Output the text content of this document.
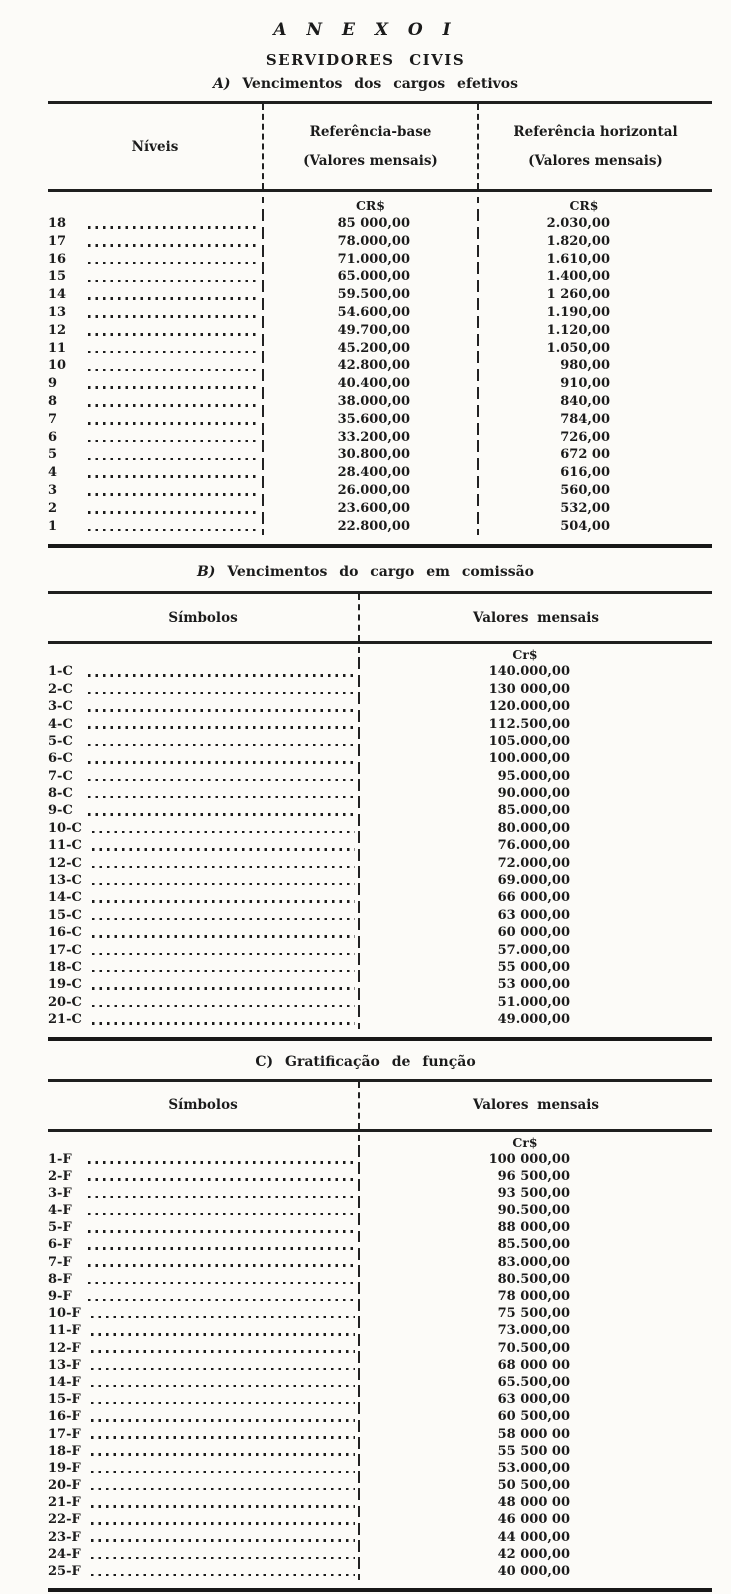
A N E X O I
SERVIDORES CIVIS
A) Vencimentos dos cargos efetivos
Níveis
Referência-base
(Valores mensais)
Referência horizontal
(Valores mensais)
CR$	CR$
18	85 000,00	2.030,00
17	78.000,00	1.820,00
16	71.000,00	1.610,00
15	65.000,00	1.400,00
14	59.500,00	1 260,00
13	54.600,00	1.190,00
12	49.700,00	1.120,00
11	45.200,00	1.050,00
10	42.800,00	980,00
9	40.400,00	910,00
8	38.000,00	840,00
7	35.600,00	784,00
6	33.200,00	726,00
5	30.800,00	672 00
4	28.400,00	616,00
3	26.000,00	560,00
2	23.600,00	532,00
1	22.800,00	504,00
B) Vencimentos do cargo em comissão
Símbolos	Valores mensais
Cr$
1-C	140.000,00
2-C	130 000,00
3-C	120.000,00
4-C	112.500,00
5-C	105.000,00
6-C	100.000,00
7-C	95.000,00
8-C	90.000,00
9-C	85.000,00
10-C	80.000,00
11-C	76.000,00
12-C	72.000,00
13-C	69.000,00
14-C	66 000,00
15-C	63 000,00
16-C	60 000,00
17-C	57.000,00
18-C	55 000,00
19-C	53 000,00
20-C	51.000,00
21-C	49.000,00
C) Gratificação de função
Símbolos	Valores mensais
Cr$
1-F	100 000,00
2-F	96 500,00
3-F	93 500,00
4-F	90.500,00
5-F	88 000,00
6-F	85.500,00
7-F	83.000,00
8-F	80.500,00
9-F	78 000,00
10-F	75 500,00
11-F	73.000,00
12-F	70.500,00
13-F	68 000 00
14-F	65.500,00
15-F	63 000,00
16-F	60 500,00
17-F	58 000 00
18-F	55 500 00
19-F	53.000,00
20-F	50 500,00
21-F	48 000 00
22-F	46 000 00
23-F	44 000,00
24-F	42 000,00
25-F	40 000,00
